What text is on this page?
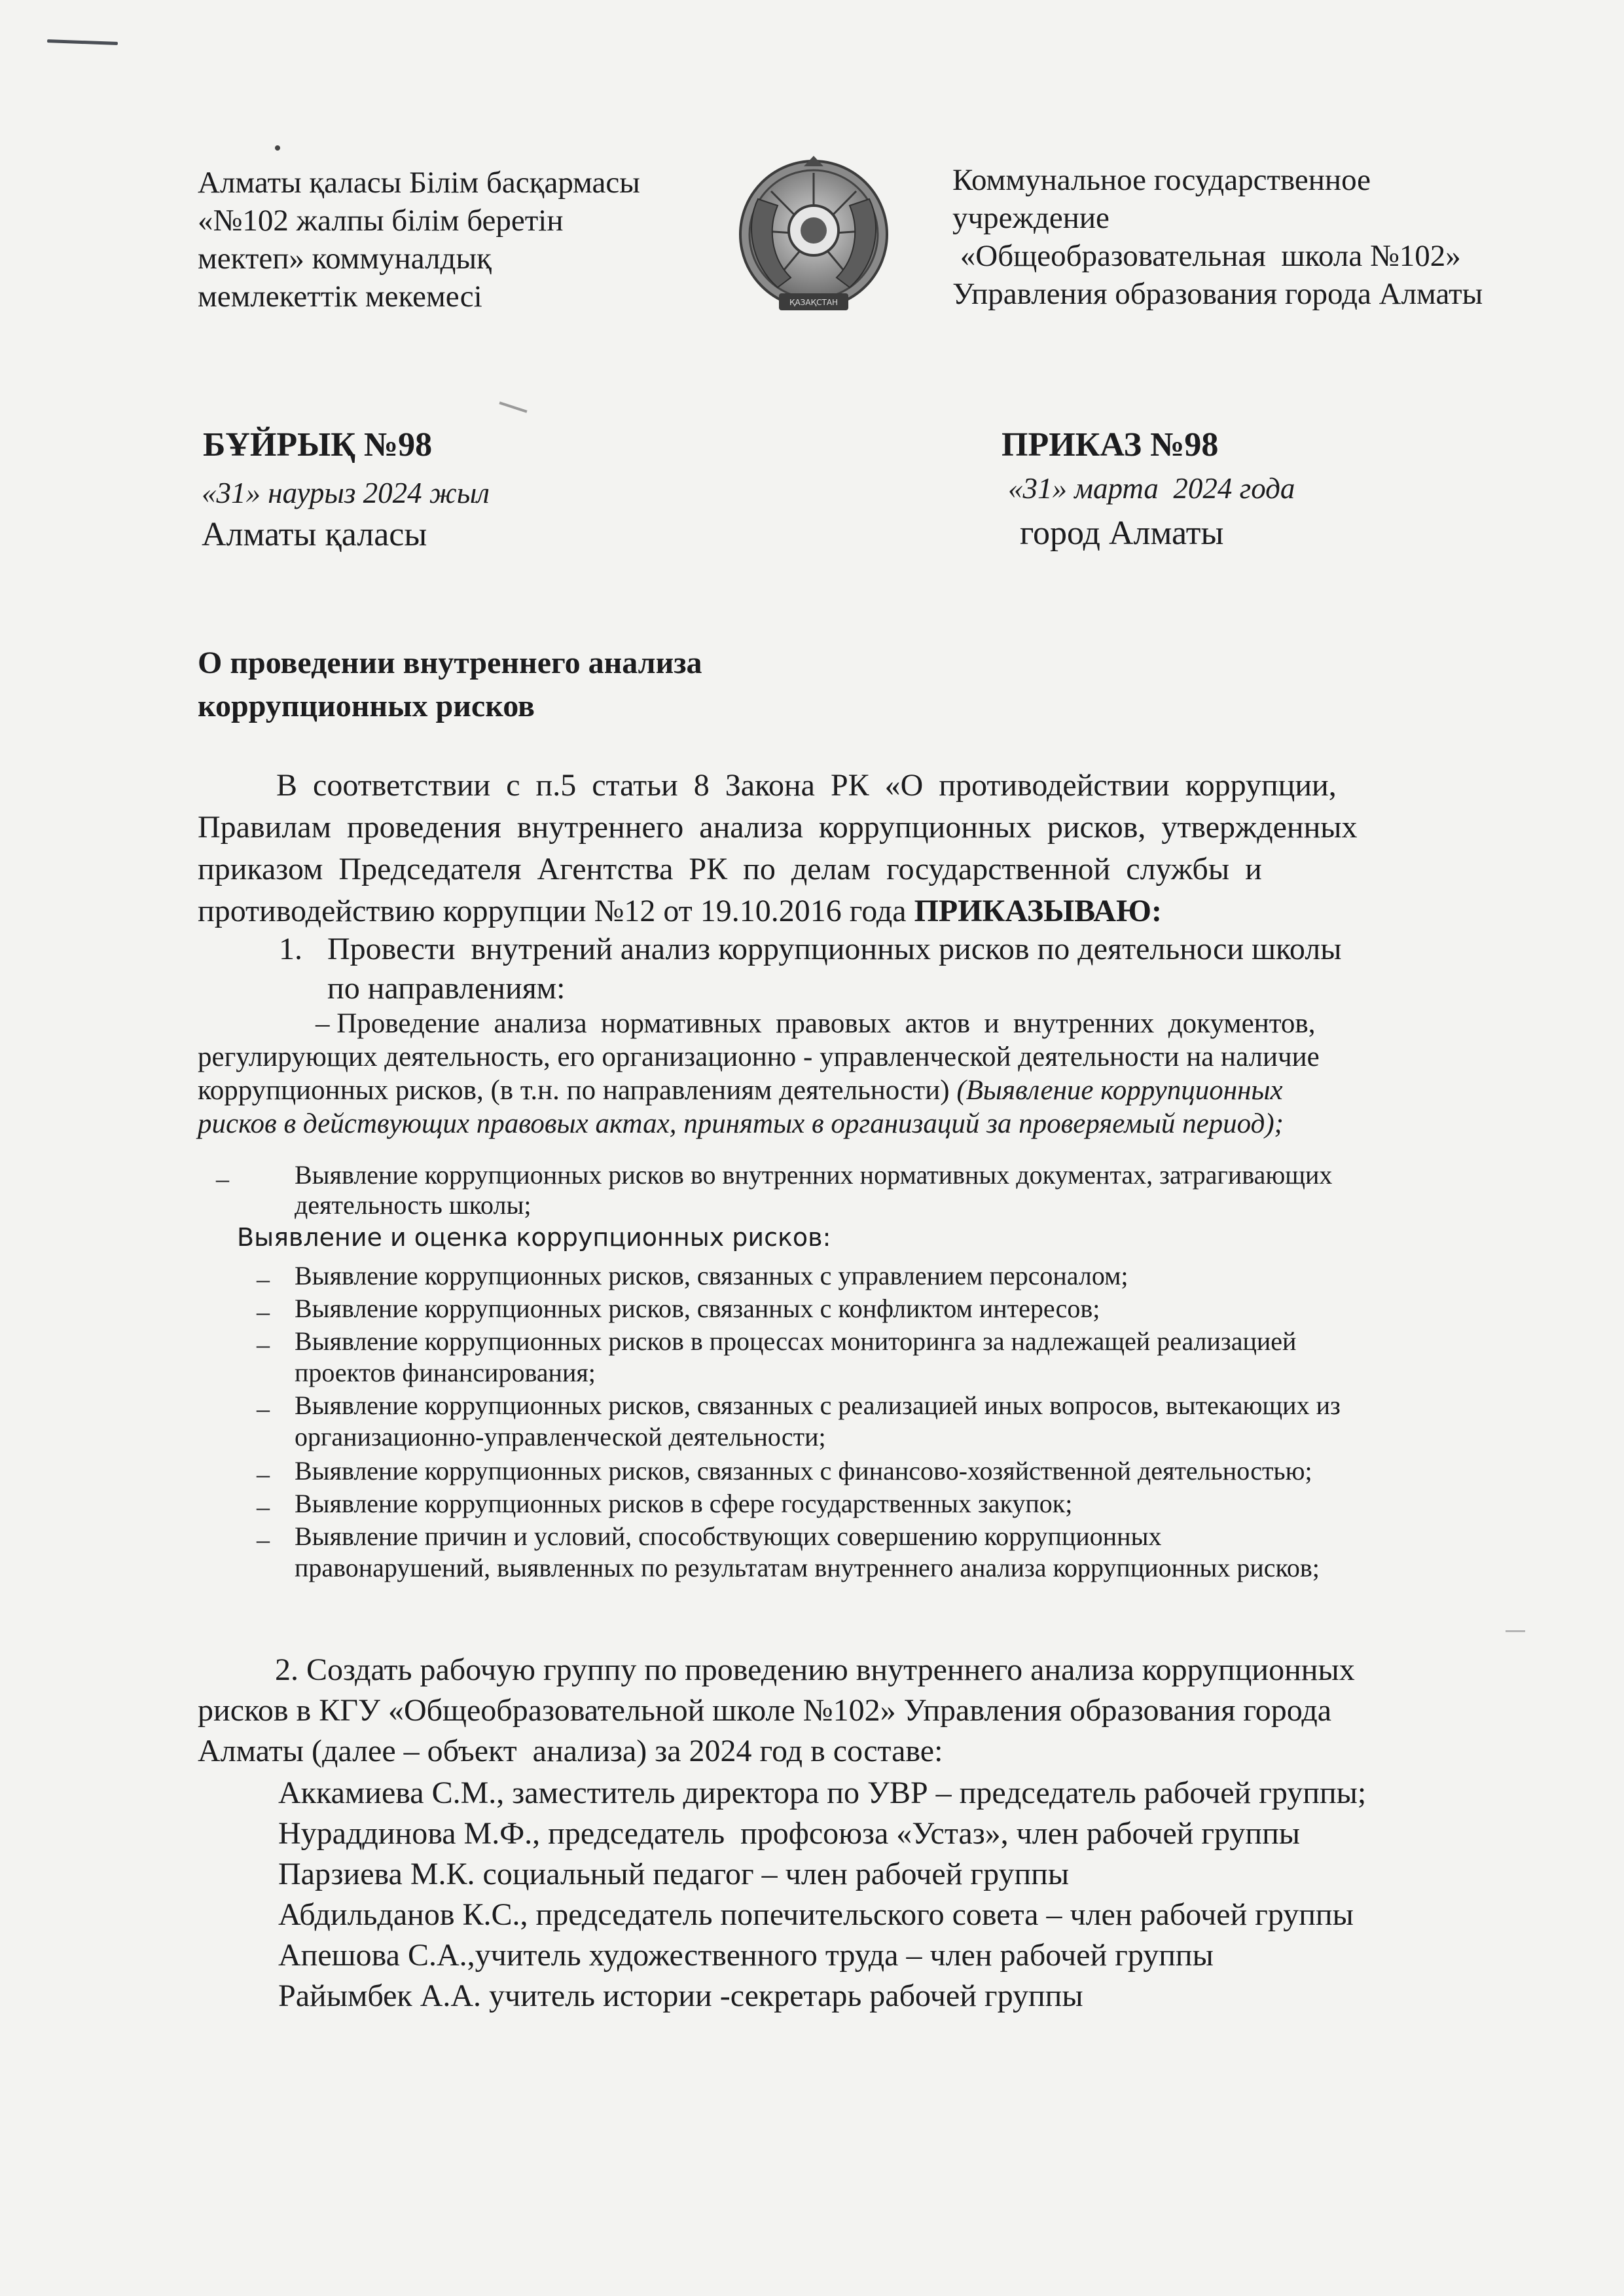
Алматы қаласы Білім басқармасы
«№102 жалпы білім беретін
мектеп» коммуналдық
мемлекеттік мекемесі	ҚАЗАҚСТАН
Коммунальное государственное
учреждение
«Общеобразовательная  школа №102»
Управления образования города Алматы
БҰЙРЫҚ №98
«31» наурыз 2024 жыл
Алматы қаласы
ПРИКАЗ №98
«31» марта  2024 года
город Алматы
О проведении внутреннего анализа
коррупционных рисков
В  соответствии  с  п.5  статьи  8  Закона  РК  «О  противодействии  коррупции,
Правилам  проведения  внутреннего  анализа  коррупционных  рисков,  утвержденных
приказом  Председателя  Агентства  РК  по  делам  государственной  службы  и
противодействию коррупции №12 от 19.10.2016 года ПРИКАЗЫВАЮ:
1. Провести  внутрений анализ коррупционных рисков по деятельноси школы
по направлениям:
– Проведение  анализа  нормативных  правовых  актов  и  внутренних  документов,
регулирующих деятельность, его организационно - управленческой деятельности на наличие
коррупционных рисков, (в т.н. по направлениям деятельности) (Выявление коррупционных
рисков в действующих правовых актах, принятых в организаций за проверяемый период);
–	Выявление коррупционных рисков во внутренних нормативных документах, затрагивающих
деятельность школы;
Выявление и оценка коррупционных рисков:
– Выявление коррупционных рисков, связанных с управлением персоналом;
– Выявление коррупционных рисков, связанных с конфликтом интересов;
– Выявление коррупционных рисков в процессах мониторинга за надлежащей реализацией
проектов финансирования;
– Выявление коррупционных рисков, связанных с реализацией иных вопросов, вытекающих из
организационно-управленческой деятельности;
– Выявление коррупционных рисков, связанных с финансово-хозяйственной деятельностью;
– Выявление коррупционных рисков в сфере государственных закупок;
– Выявление причин и условий, способствующих совершению коррупционных
правонарушений, выявленных по результатам внутреннего анализа коррупционных рисков;
2. Создать рабочую группу по проведению внутреннего анализа коррупционных
рисков в КГУ «Общеобразовательной школе №102» Управления образования города
Алматы (далее – объект  анализа) за 2024 год в составе:
Аккамиева С.М., заместитель директора по УВР – председатель рабочей группы;
Нураддинова М.Ф., председатель  профсоюза «Устаз», член рабочей группы
Парзиева М.К. социальный педагог – член рабочей группы
Абдильданов К.С., председатель попечительского совета – член рабочей группы
Апешова С.А.,учитель художественного труда – член рабочей группы
Райымбек А.А. учитель истории -секретарь рабочей группы
